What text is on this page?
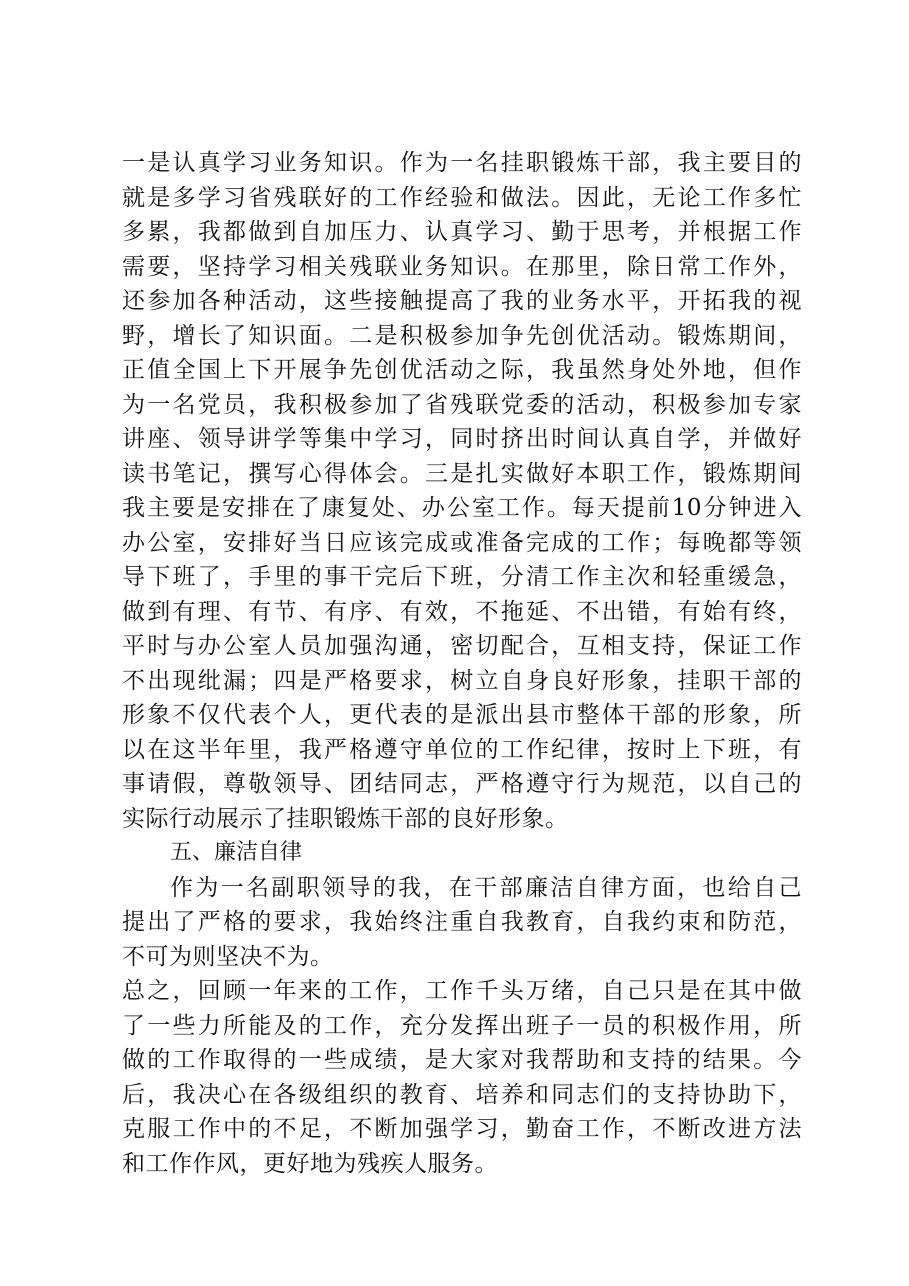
一是认真学习业务知识。作为一名挂职锻炼干部，我主要目的
就是多学习省残联好的工作经验和做法。因此，无论工作多忙
多累，我都做到自加压力、认真学习、勤于思考，并根据工作
需要，坚持学习相关残联业务知识。在那里，除日常工作外，
还参加各种活动，这些接触提高了我的业务水平，开拓我的视
野，增长了知识面。二是积极参加争先创优活动。锻炼期间，
正值全国上下开展争先创优活动之际，我虽然身处外地，但作
为一名党员，我积极参加了省残联党委的活动，积极参加专家
讲座、领导讲学等集中学习，同时挤出时间认真自学，并做好
读书笔记，撰写心得体会。三是扎实做好本职工作，锻炼期间
我主要是安排在了康复处、办公室工作。每天提前10分钟进入
办公室，安排好当日应该完成或准备完成的工作；每晚都等领
导下班了，手里的事干完后下班，分清工作主次和轻重缓急，
做到有理、有节、有序、有效，不拖延、不出错，有始有终，
平时与办公室人员加强沟通，密切配合，互相支持，保证工作
不出现纰漏；四是严格要求，树立自身良好形象，挂职干部的
形象不仅代表个人，更代表的是派出县市整体干部的形象，所
以在这半年里，我严格遵守单位的工作纪律，按时上下班，有
事请假，尊敬领导、团结同志，严格遵守行为规范，以自己的
实际行动展示了挂职锻炼干部的良好形象。
五、廉洁自律
作为一名副职领导的我，在干部廉洁自律方面，也给自己
提出了严格的要求，我始终注重自我教育，自我约束和防范，
不可为则坚决不为。
总之，回顾一年来的工作，工作千头万绪，自己只是在其中做
了一些力所能及的工作，充分发挥出班子一员的积极作用，所
做的工作取得的一些成绩，是大家对我帮助和支持的结果。今
后，我决心在各级组织的教育、培养和同志们的支持协助下，
克服工作中的不足，不断加强学习，勤奋工作，不断改进方法
和工作作风，更好地为残疾人服务。
